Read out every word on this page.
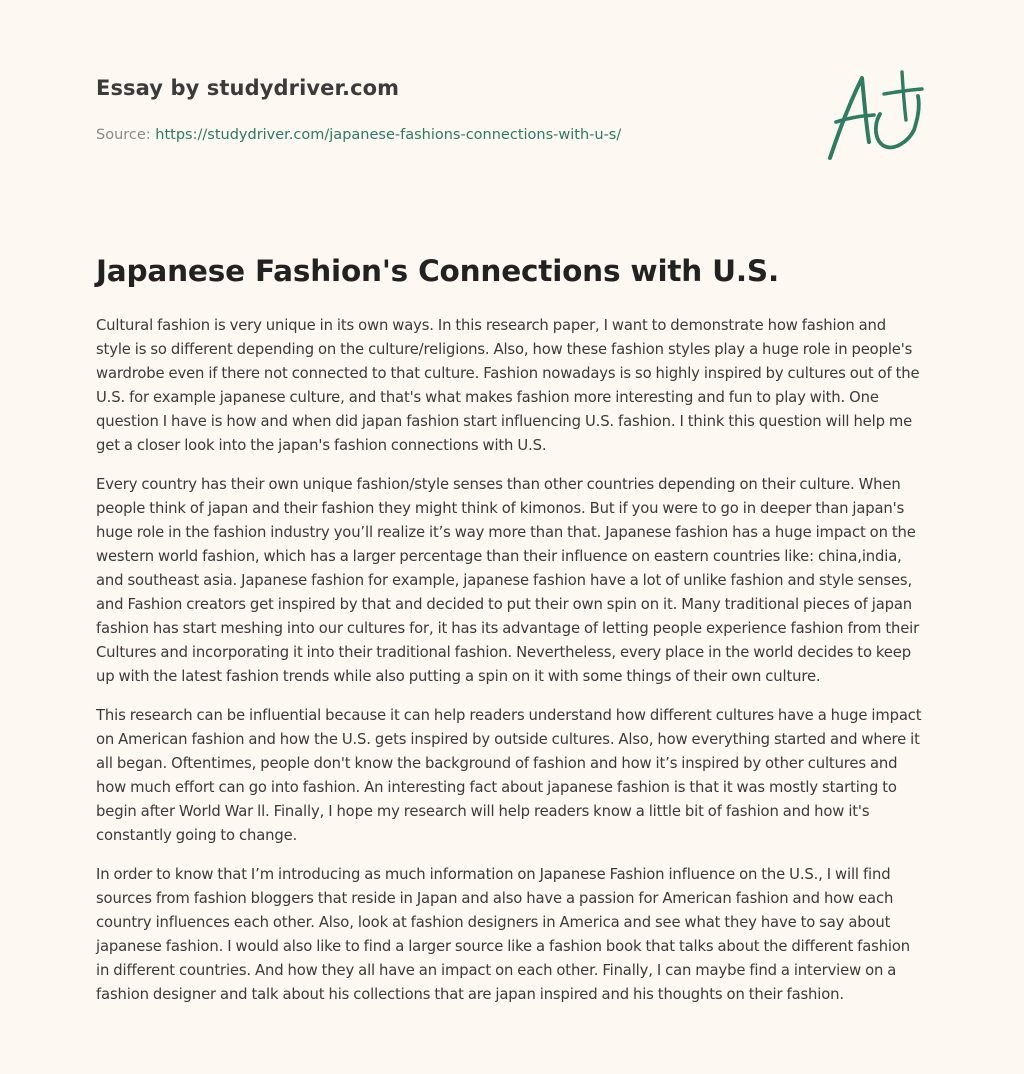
Essay by studydriver.com
Source: https://studydriver.com/japanese-fashions-connections-with-u-s/
Japanese Fashion's Connections with U.S.

Cultural fashion is very unique in its own ways. In this research paper, I want to demonstrate how fashion and style is so different depending on the culture/religions. Also, how these fashion styles play a huge role in people's wardrobe even if there not connected to that culture. Fashion nowadays is so highly inspired by cultures out of the U.S. for example japanese culture, and that's what makes fashion more interesting and fun to play with. One question I have is how and when did japan fashion start influencing U.S. fashion. I think this question will help me get a closer look into the japan's fashion connections with U.S.

Every country has their own unique fashion/style senses than other countries depending on their culture. When people think of japan and their fashion they might think of kimonos. But if you were to go in deeper than japan's huge role in the fashion industry you’ll realize it’s way more than that. Japanese fashion has a huge impact on the western world fashion, which has a larger percentage than their influence on eastern countries like: china,india, and southeast asia. Japanese fashion for example, japanese fashion have a lot of unlike fashion and style senses, and Fashion creators get inspired by that and decided to put their own spin on it. Many traditional pieces of japan fashion has start meshing into our cultures for, it has its advantage of letting people experience fashion from their Cultures and incorporating it into their traditional fashion. Nevertheless, every place in the world decides to keep up with the latest fashion trends while also putting a spin on it with some things of their own culture.

This research can be influential because it can help readers understand how different cultures have a huge impact on American fashion and how the U.S. gets inspired by outside cultures. Also, how everything started and where it all began. Oftentimes, people don't know the background of fashion and how it’s inspired by other cultures and how much effort can go into fashion. An interesting fact about japanese fashion is that it was mostly starting to begin after World War ll. Finally, I hope my research will help readers know a little bit of fashion and how it's constantly going to change.

In order to know that I’m introducing as much information on Japanese Fashion influence on the U.S., I will find sources from fashion bloggers that reside in Japan and also have a passion for American fashion and how each country influences each other. Also, look at fashion designers in America and see what they have to say about japanese fashion. I would also like to find a larger source like a fashion book that talks about the different fashion in different countries. And how they all have an impact on each other. Finally, I can maybe find a interview on a fashion designer and talk about his collections that are japan inspired and his thoughts on their fashion.
